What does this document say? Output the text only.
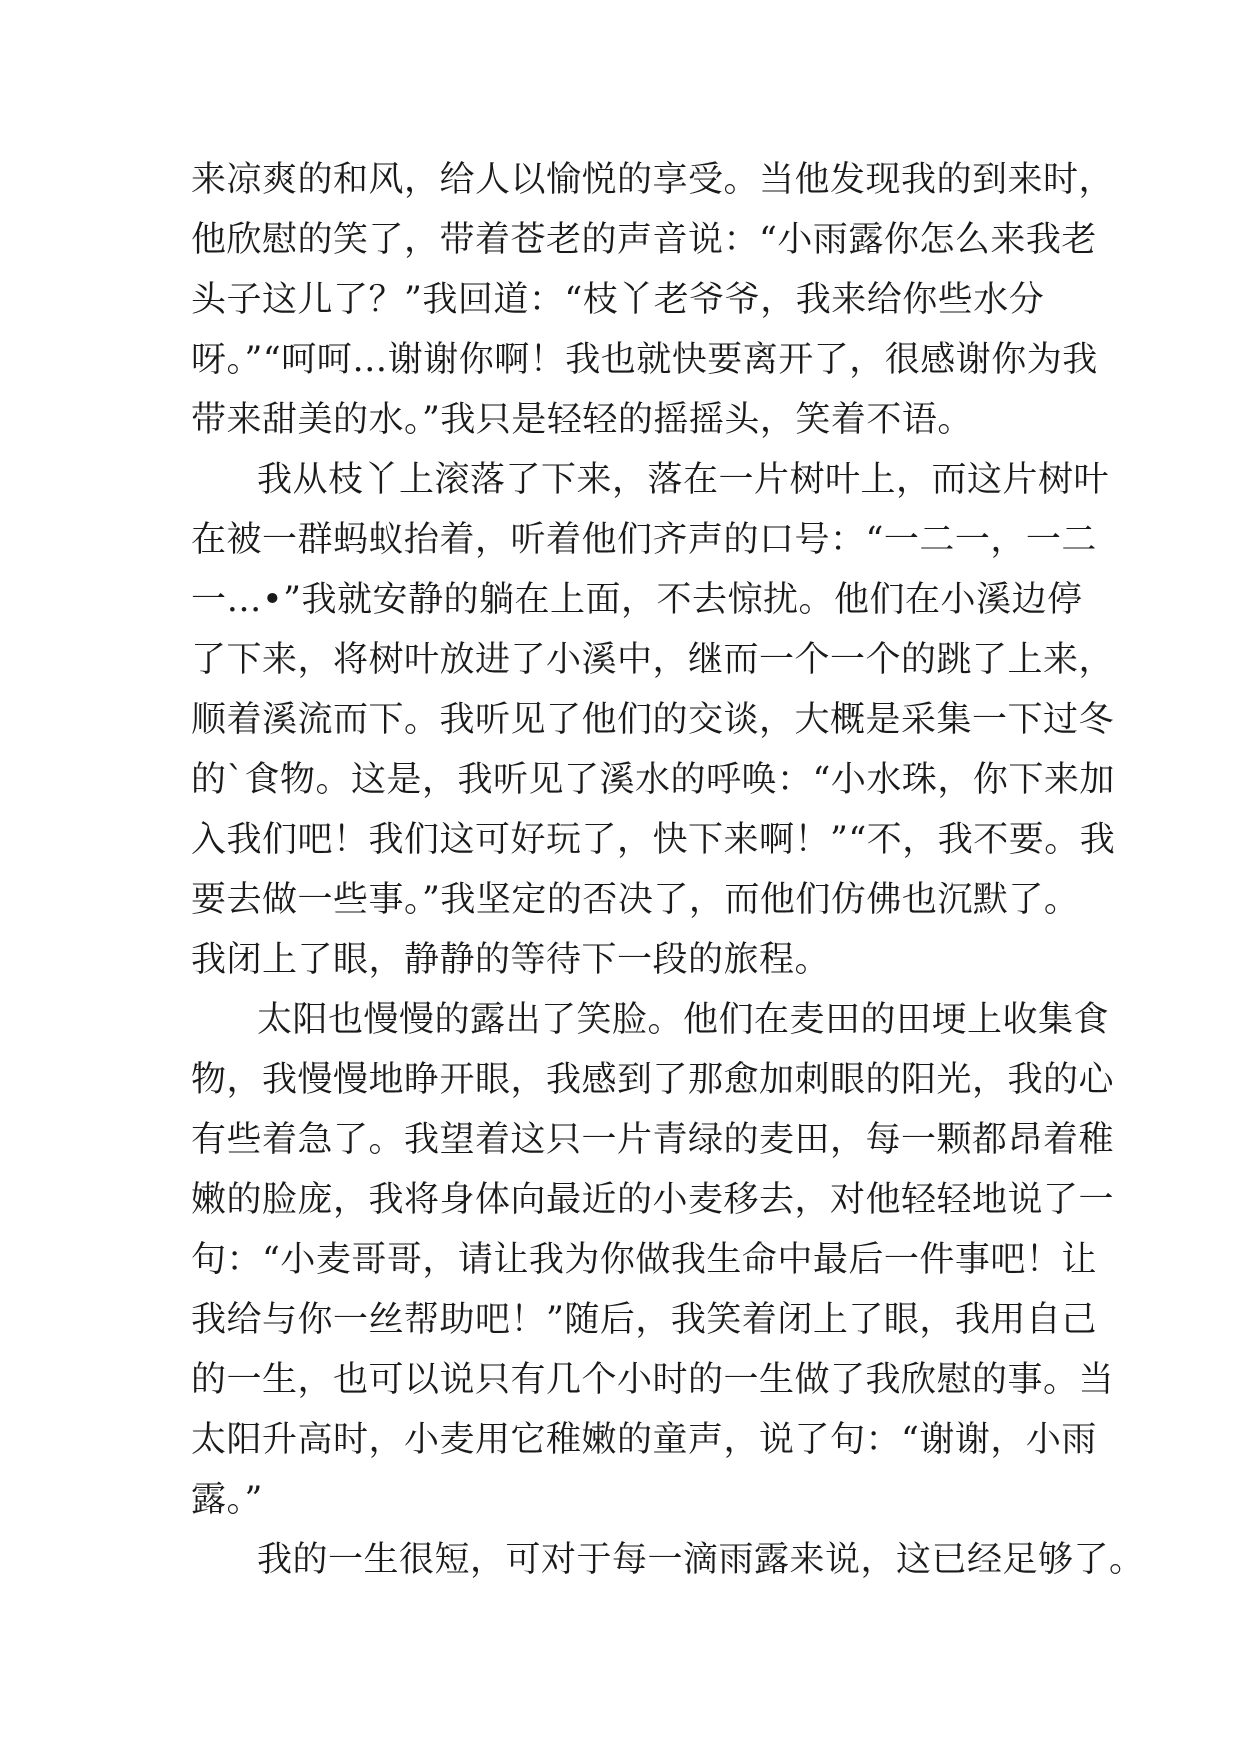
来凉爽的和风，给人以愉悦的享受。当他发现我的到来时，
他欣慰的笑了，带着苍老的声音说：“小雨露你怎么来我老
头子这儿了？”我回道：“枝丫老爷爷，我来给你些水分
呀。”“呵呵…谢谢你啊！我也就快要离开了，很感谢你为我
带来甜美的水。”我只是轻轻的摇摇头，笑着不语。
我从枝丫上滚落了下来，落在一片树叶上，而这片树叶
在被一群蚂蚁抬着，听着他们齐声的口号：“一二一，一二
一…•”我就安静的躺在上面，不去惊扰。他们在小溪边停
了下来，将树叶放进了小溪中，继而一个一个的跳了上来，
顺着溪流而下。我听见了他们的交谈，大概是采集一下过冬
的`食物。这是，我听见了溪水的呼唤：“小水珠，你下来加
入我们吧！我们这可好玩了，快下来啊！”“不，我不要。我
要去做一些事。”我坚定的否决了，而他们仿佛也沉默了。
我闭上了眼，静静的等待下一段的旅程。
太阳也慢慢的露出了笑脸。他们在麦田的田埂上收集食
物，我慢慢地睁开眼，我感到了那愈加刺眼的阳光，我的心
有些着急了。我望着这只一片青绿的麦田，每一颗都昂着稚
嫩的脸庞，我将身体向最近的小麦移去，对他轻轻地说了一
句：“小麦哥哥，请让我为你做我生命中最后一件事吧！让
我给与你一丝帮助吧！”随后，我笑着闭上了眼，我用自己
的一生，也可以说只有几个小时的一生做了我欣慰的事。当
太阳升高时，小麦用它稚嫩的童声，说了句：“谢谢，小雨
露。”
我的一生很短，可对于每一滴雨露来说，这已经足够了。
